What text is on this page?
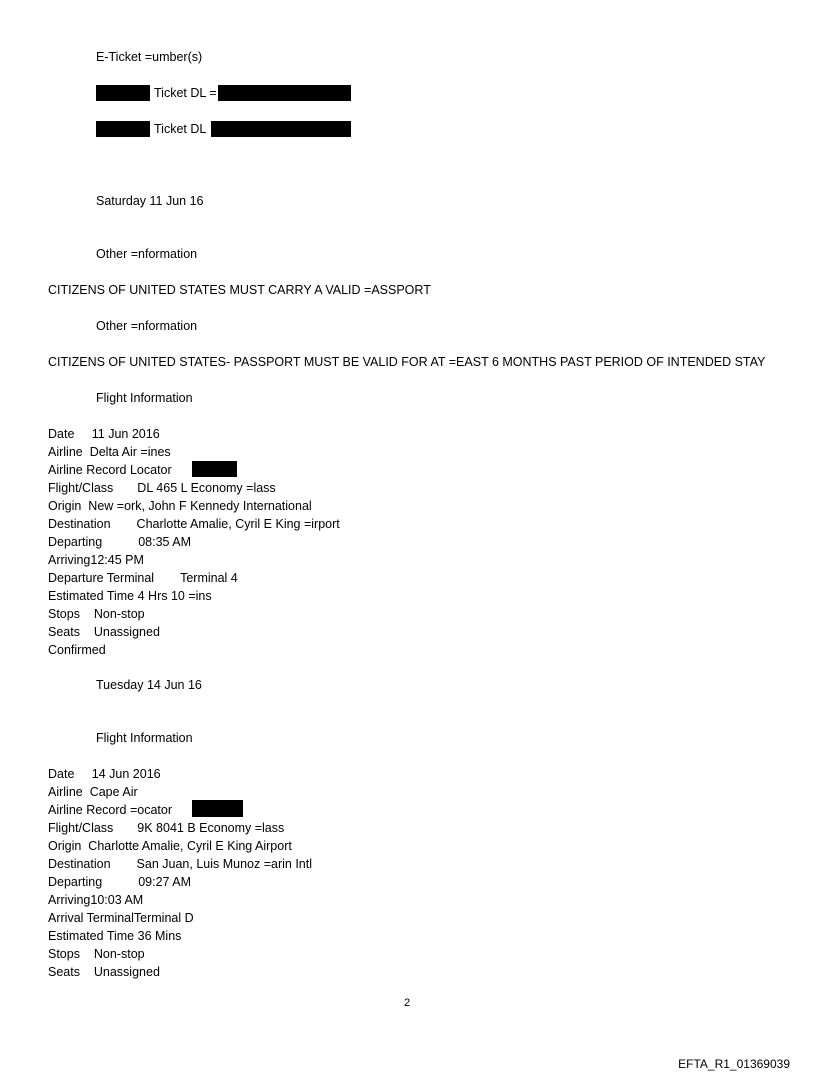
E-Ticket =umber(s)
Ticket DL =
Ticket DL
Saturday 11 Jun 16
Other =nformation
CITIZENS OF UNITED STATES MUST CARRY A VALID =ASSPORT
Other =nformation
CITIZENS OF UNITED STATES- PASSPORT MUST BE VALID FOR AT =EAST 6 MONTHS PAST PERIOD OF INTENDED STAY
Flight Information
Date 11 Jun 2016
Airline Delta Air =ines
Airline Record Locator
Flight/Class DL 465 L Economy =lass
Origin New =ork, John F Kennedy International
Destination Charlotte Amalie, Cyril E King =irport
Departing	08:35 AM
Arriving12:45 PM
Departure Terminal Terminal 4
Estimated Time 4 Hrs 10 =ins
Stops Non-stop
Seats Unassigned
Confirmed
Tuesday 14 Jun 16
Flight Information
Date 14 Jun 2016
Airline Cape Air
Airline Record =ocator
Flight/Class 9K 8041 B Economy =lass
Origin Charlotte Amalie, Cyril E King Airport
Destination San Juan, Luis Munoz =arin Intl
Departing	09:27 AM
Arriving10:03 AM
Arrival TerminalTerminal D
Estimated Time 36 Mins
Stops Non-stop
Seats Unassigned
2
EFTA_R1_01369039
